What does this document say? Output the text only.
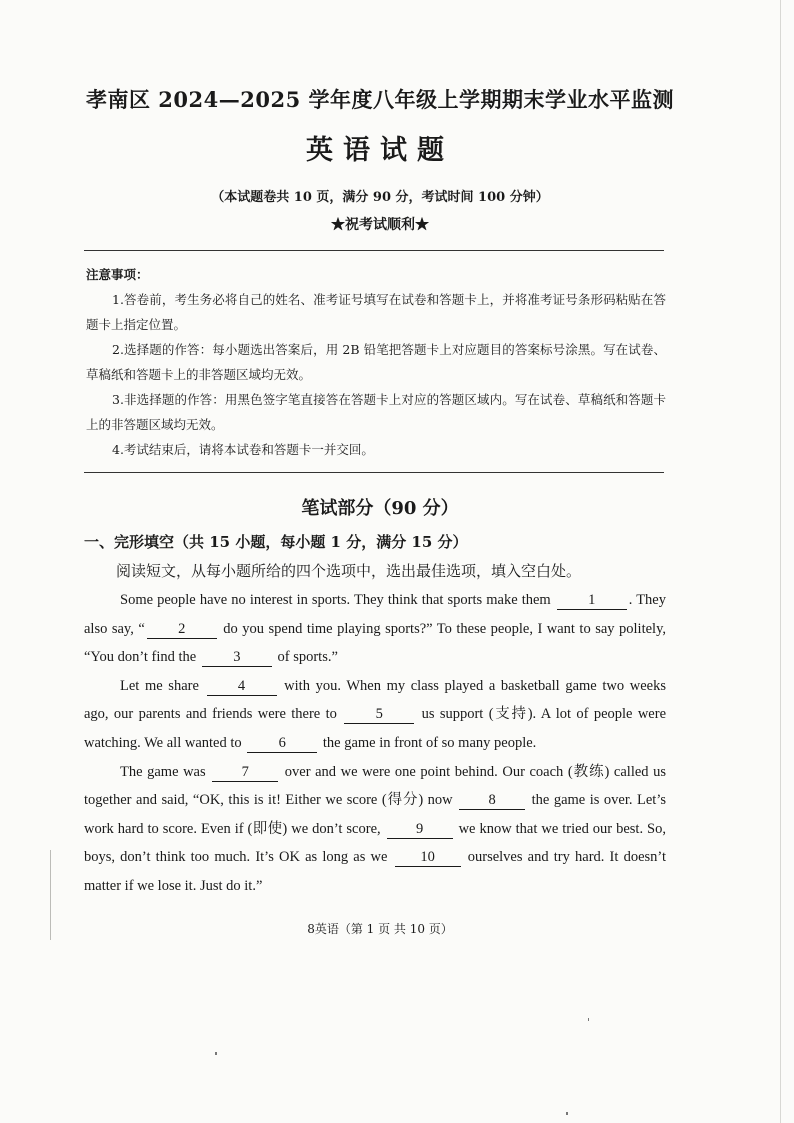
孝南区 2024—2025 学年度八年级上学期期末学业水平监测
英语试题
（本试题卷共 10 页，满分 90 分，考试时间 100 分钟）
★祝考试顺利★
注意事项：
1.答卷前，考生务必将自己的姓名、准考证号填写在试卷和答题卡上，并将准考证号条形码粘贴在答题卡上指定位置。
2.选择题的作答：每小题选出答案后，用 2B 铅笔把答题卡上对应题目的答案标号涂黑。写在试卷、草稿纸和答题卡上的非答题区域均无效。
3.非选择题的作答：用黑色签字笔直接答在答题卡上对应的答题区域内。写在试卷、草稿纸和答题卡上的非答题区域均无效。
4.考试结束后，请将本试卷和答题卡一并交回。
笔试部分（90 分）
一、完形填空（共 15 小题，每小题 1 分，满分 15 分）
阅读短文，从每小题所给的四个选项中，选出最佳选项，填入空白处。

Some people have no interest in sports. They think that sports make them 1 . They also say, “ 2 do you spend time playing sports?” To these people, I want to say politely, “You don’t find the 3 of sports.”

Let me share 4 with you. When my class played a basketball game two weeks ago, our parents and friends were there to 5 us support (支持). A lot of people were watching. We all wanted to 6 the game in front of so many people.

The game was 7 over and we were one point behind. Our coach (教练) called us together and said, “OK, this is it! Either we score (得分) now 8 the game is over. Let’s work hard to score. Even if (即使) we don’t score, 9 we know that we tried our best. So, boys, don’t think too much. It’s OK as long as we 10 ourselves and try hard. It doesn’t matter if we lose it. Just do it.”

8英语（第 1 页 共 10 页）
